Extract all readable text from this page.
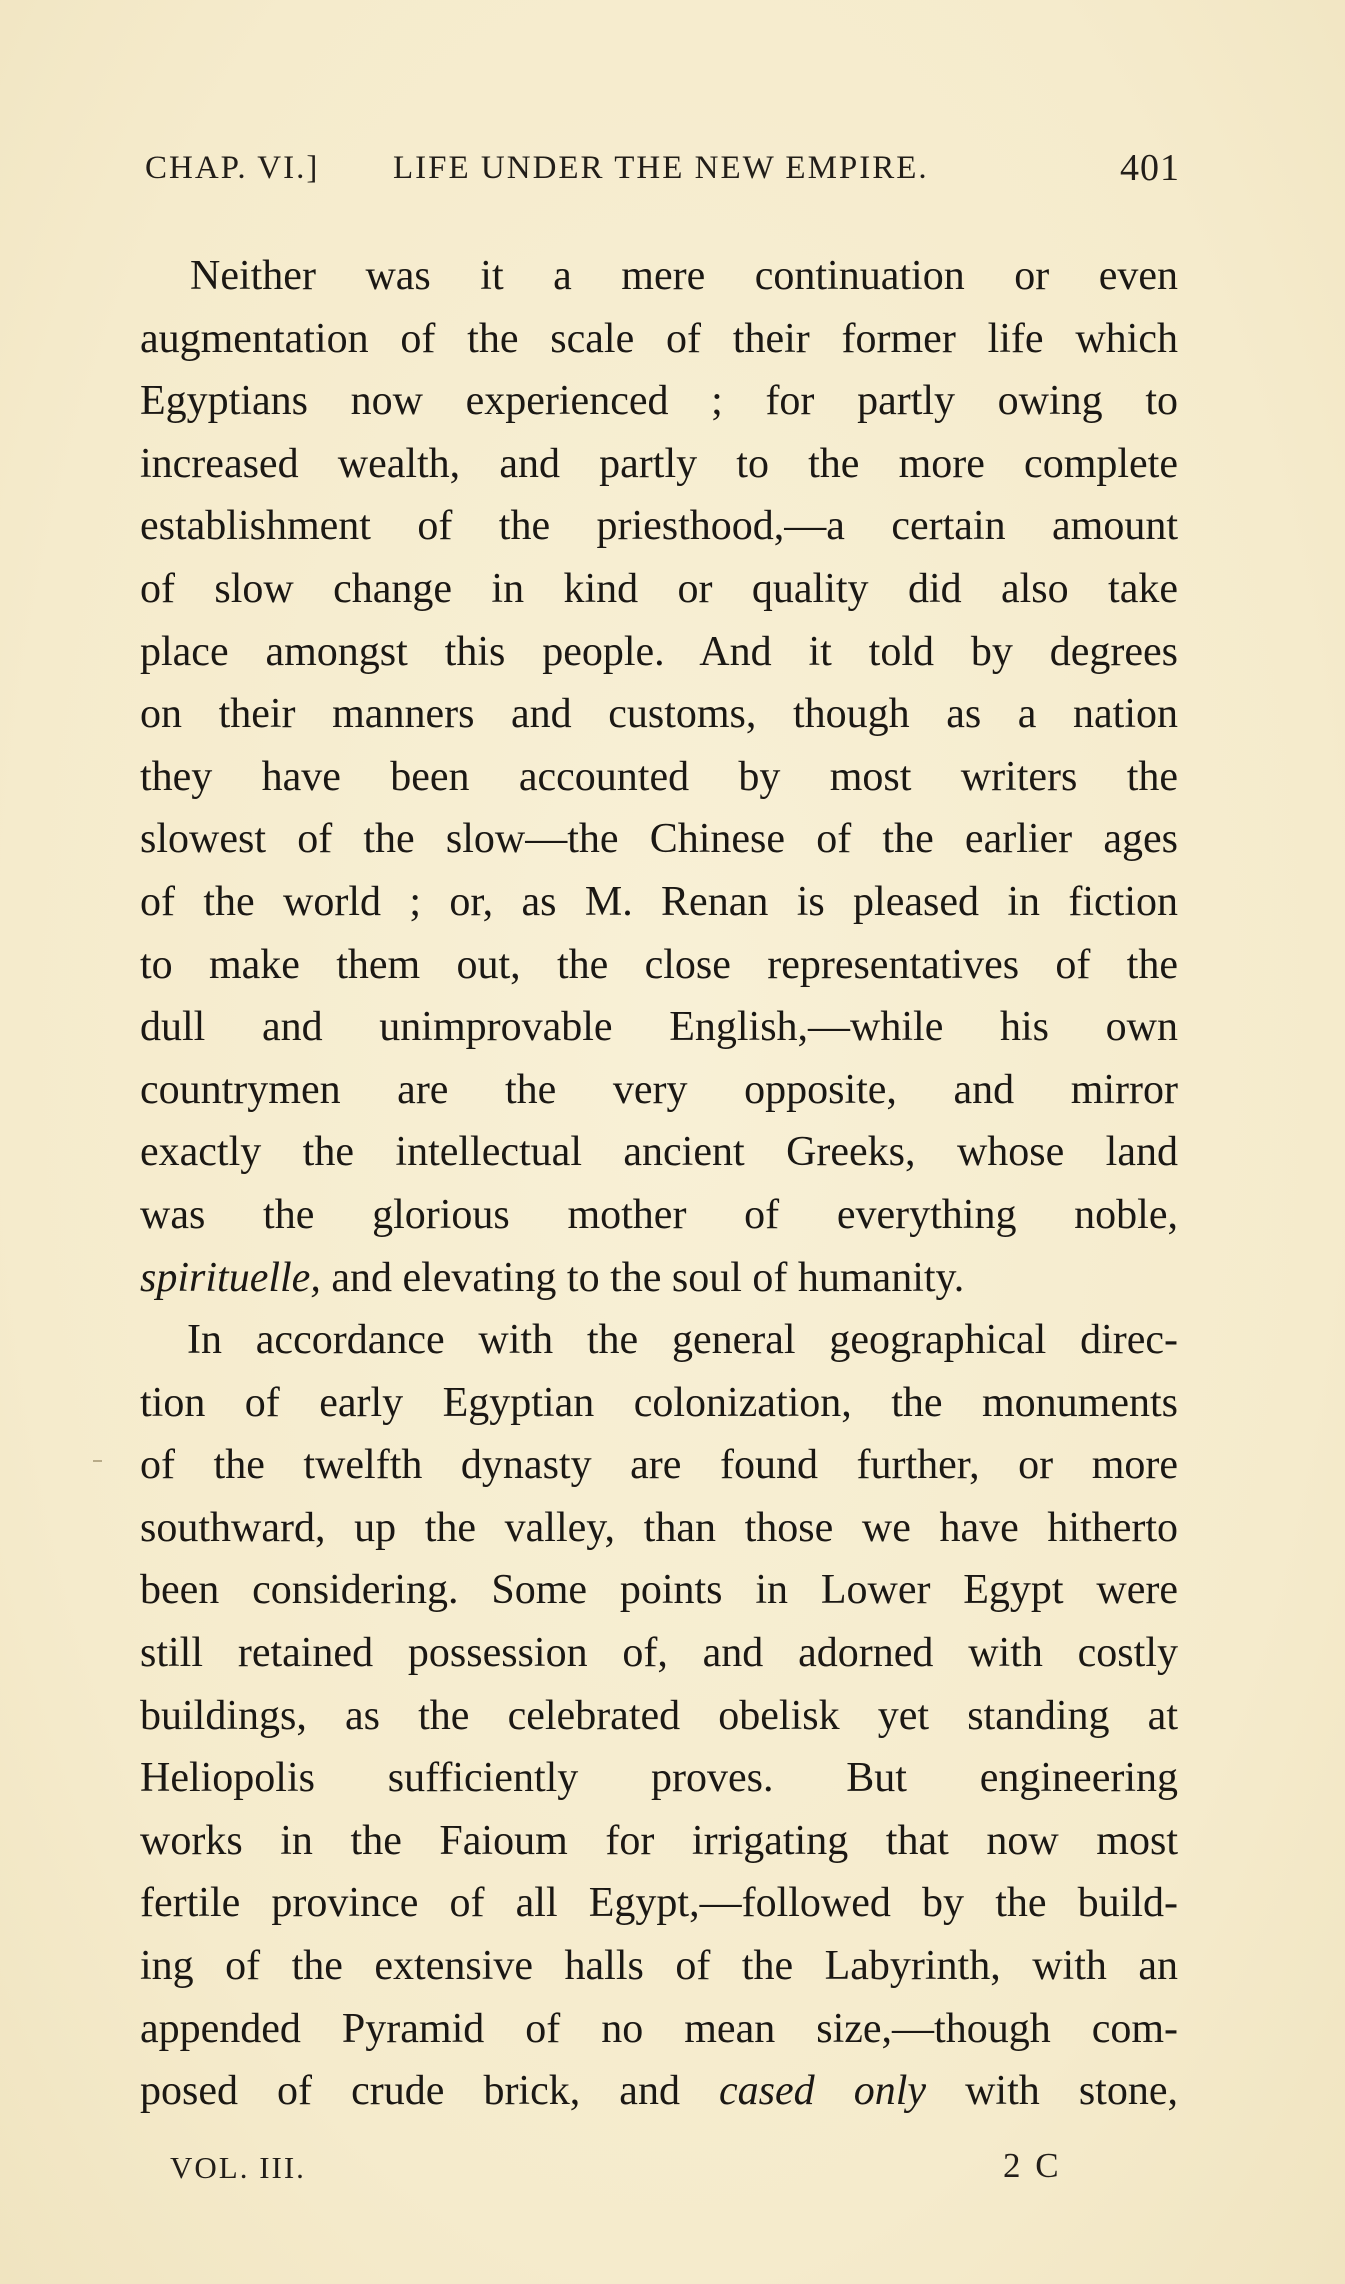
CHAP. VI.] LIFE UNDER THE NEW EMPIRE.	401
Neither was it a mere continuation or even
augmentation of the scale of their former life which
Egyptians now experienced ; for partly owing to
increased wealth, and partly to the more complete
establishment of the priesthood,—a certain amount
of slow change in kind or quality did also take
place amongst this people. And it told by degrees
on their manners and customs, though as a nation
they have been accounted by most writers the
slowest of the slow—the Chinese of the earlier ages
of the world ; or, as M. Renan is pleased in fiction
to make them out, the close representatives of the
dull and unimprovable English,—while his own
countrymen are the very opposite, and mirror
exactly the intellectual ancient Greeks, whose land
was the glorious mother of everything noble,
spirituelle, and elevating to the soul of humanity.
In accordance with the general geographical direc-
tion of early Egyptian colonization, the monuments
of the twelfth dynasty are found further, or more
southward, up the valley, than those we have hitherto
been considering. Some points in Lower Egypt were
still retained possession of, and adorned with costly
buildings, as the celebrated obelisk yet standing at
Heliopolis sufficiently proves. But engineering
works in the Faioum for irrigating that now most
fertile province of all Egypt,—followed by the build-
ing of the extensive halls of the Labyrinth, with an
appended Pyramid of no mean size,—though com-
posed of crude brick, and cased only with stone,
VOL. III.	2 C
